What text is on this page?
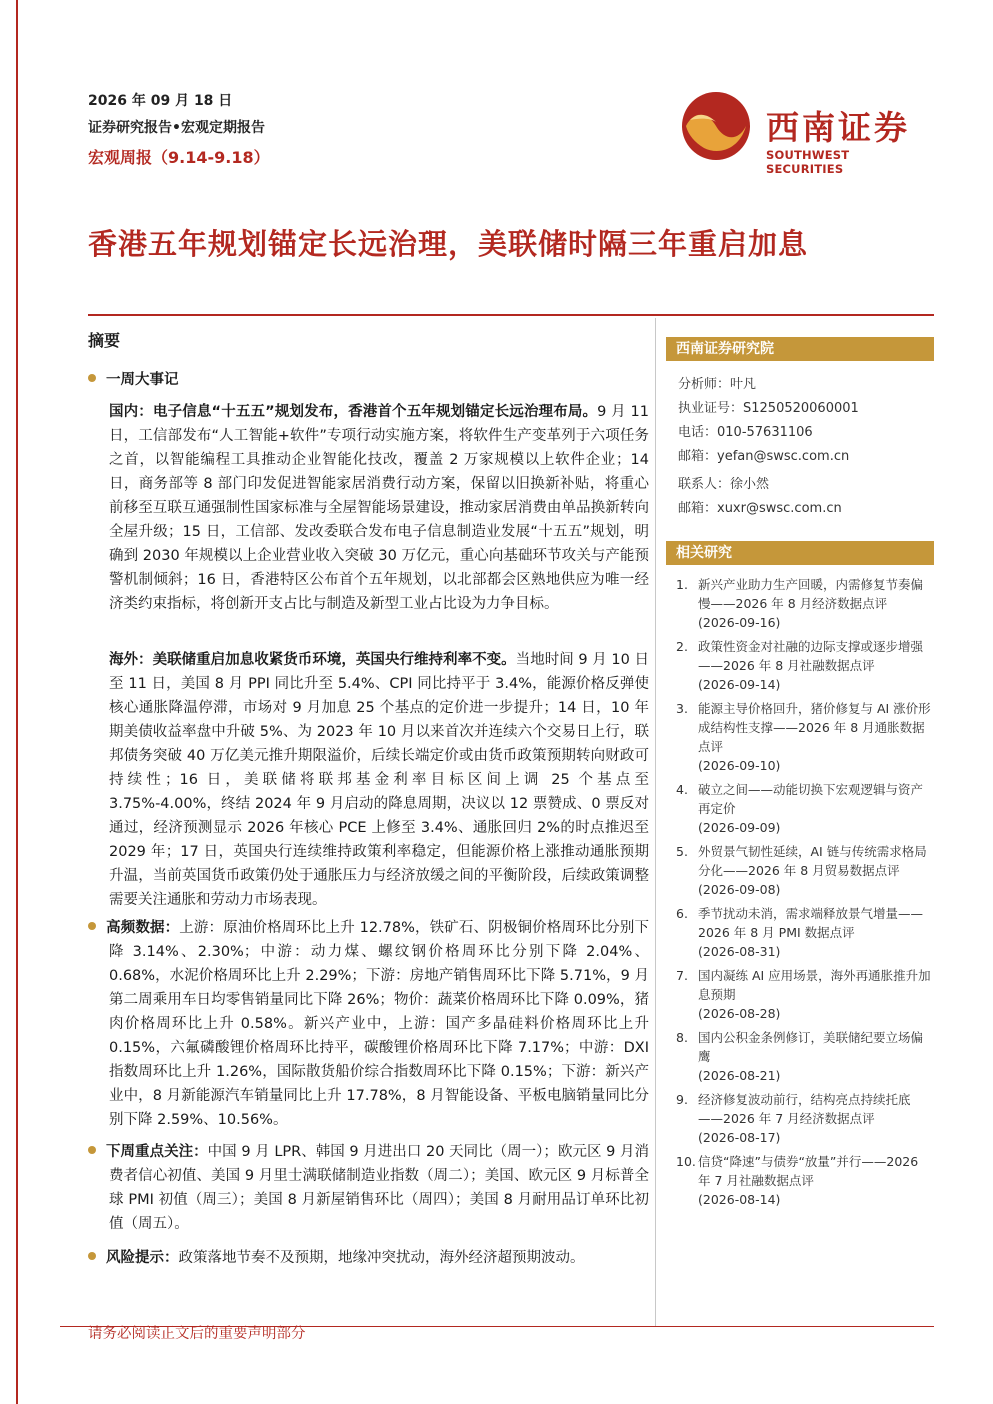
2026 年 09 月 18 日
证券研究报告•宏观定期报告
宏观周报（9.14-9.18）
西南证券
SOUTHWEST SECURITIES
香港五年规划锚定长远治理，美联储时隔三年重启加息
摘要
一周大事记
国内：电子信息“十五五”规划发布，香港首个五年规划锚定长远治理布局。9 月 11 日，工信部发布“人工智能+软件”专项行动实施方案，将软件生产变革列于六项任务之首，以智能编程工具推动企业智能化技改，覆盖 2 万家规模以上软件企业；14 日，商务部等 8 部门印发促进智能家居消费行动方案，保留以旧换新补贴，将重心前移至互联互通强制性国家标准与全屋智能场景建设，推动家居消费由单品换新转向全屋升级；15 日，工信部、发改委联合发布电子信息制造业发展“十五五”规划，明确到 2030 年规模以上企业营业收入突破 30 万亿元，重心向基础环节攻关与产能预警机制倾斜；16 日，香港特区公布首个五年规划，以北部都会区熟地供应为唯一经济类约束指标，将创新开支占比与制造及新型工业占比设为力争目标。
海外：美联储重启加息收紧货币环境，英国央行维持利率不变。当地时间 9 月 10 日至 11 日，美国 8 月 PPI 同比升至 5.4%、CPI 同比持平于 3.4%，能源价格反弹使核心通胀降温停滞，市场对 9 月加息 25 个基点的定价进一步提升；14 日，10 年期美债收益率盘中升破 5%、为 2023 年 10 月以来首次并连续六个交易日上行，联邦债务突破 40 万亿美元推升期限溢价，后续长端定价或由货币政策预期转向财政可持续性；16 日，美联储将联邦基金利率目标区间上调 25 个基点至 3.75%-4.00%，终结 2024 年 9 月启动的降息周期，决议以 12 票赞成、0 票反对通过，经济预测显示 2026 年核心 PCE 上修至 3.4%、通胀回归 2%的时点推迟至 2029 年；17 日，英国央行连续维持政策利率稳定，但能源价格上涨推动通胀预期升温，当前英国货币政策仍处于通胀压力与经济放缓之间的平衡阶段，后续政策调整需要关注通胀和劳动力市场表现。
高频数据：上游：原油价格周环比上升 12.78%，铁矿石、阴极铜价格周环比分别下降 3.14%、2.30%；中游：动力煤、螺纹钢价格周环比分别下降 2.04%、0.68%，水泥价格周环比上升 2.29%；下游：房地产销售周环比下降 5.71%，9 月第二周乘用车日均零售销量同比下降 26%；物价：蔬菜价格周环比下降 0.09%，猪肉价格周环比上升 0.58%。新兴产业中，上游：国产多晶硅料价格周环比上升 0.15%，六氟磷酸锂价格周环比持平，碳酸锂价格周环比下降 7.17%；中游：DXI 指数周环比上升 1.26%，国际散货船价综合指数周环比下降 0.15%；下游：新兴产业中，8 月新能源汽车销量同比上升 17.78%，8 月智能设备、平板电脑销量同比分别下降 2.59%、10.56%。
下周重点关注：中国 9 月 LPR、韩国 9 月进出口 20 天同比（周一）；欧元区 9 月消费者信心初值、美国 9 月里士满联储制造业指数（周二）；美国、欧元区 9 月标普全球 PMI 初值（周三）；美国 8 月新屋销售环比（周四）；美国 8 月耐用品订单环比初值（周五）。
风险提示：政策落地节奏不及预期，地缘冲突扰动，海外经济超预期波动。
西南证券研究院
分析师：叶凡
执业证号：S1250520060001
电话：010-57631106
邮箱：yefan@swsc.com.cn
联系人：徐小然
邮箱：xuxr@swsc.com.cn
相关研究
1. 新兴产业助力生产回暖，内需修复节奏偏慢——2026 年 8 月经济数据点评
(2026-09-16)
2. 政策性资金对社融的边际支撑或逐步增强——2026 年 8 月社融数据点评
(2026-09-14)
3. 能源主导价格回升，猪价修复与 AI 涨价形成结构性支撑——2026 年 8 月通胀数据点评
(2026-09-10)
4. 破立之间——动能切换下宏观逻辑与资产再定价
(2026-09-09)
5. 外贸景气韧性延续，AI 链与传统需求格局分化——2026 年 8 月贸易数据点评
(2026-09-08)
6. 季节扰动未消，需求端释放景气增量——2026 年 8 月 PMI 数据点评
(2026-08-31)
7. 国内凝练 AI 应用场景，海外再通胀推升加息预期
(2026-08-28)
8. 国内公积金条例修订，美联储纪要立场偏鹰
(2026-08-21)
9. 经济修复波动前行，结构亮点持续托底——2026 年 7 月经济数据点评
(2026-08-17)
10. 信贷“降速”与债券“放量”并行——2026 年 7 月社融数据点评
(2026-08-14)
请务必阅读正文后的重要声明部分
